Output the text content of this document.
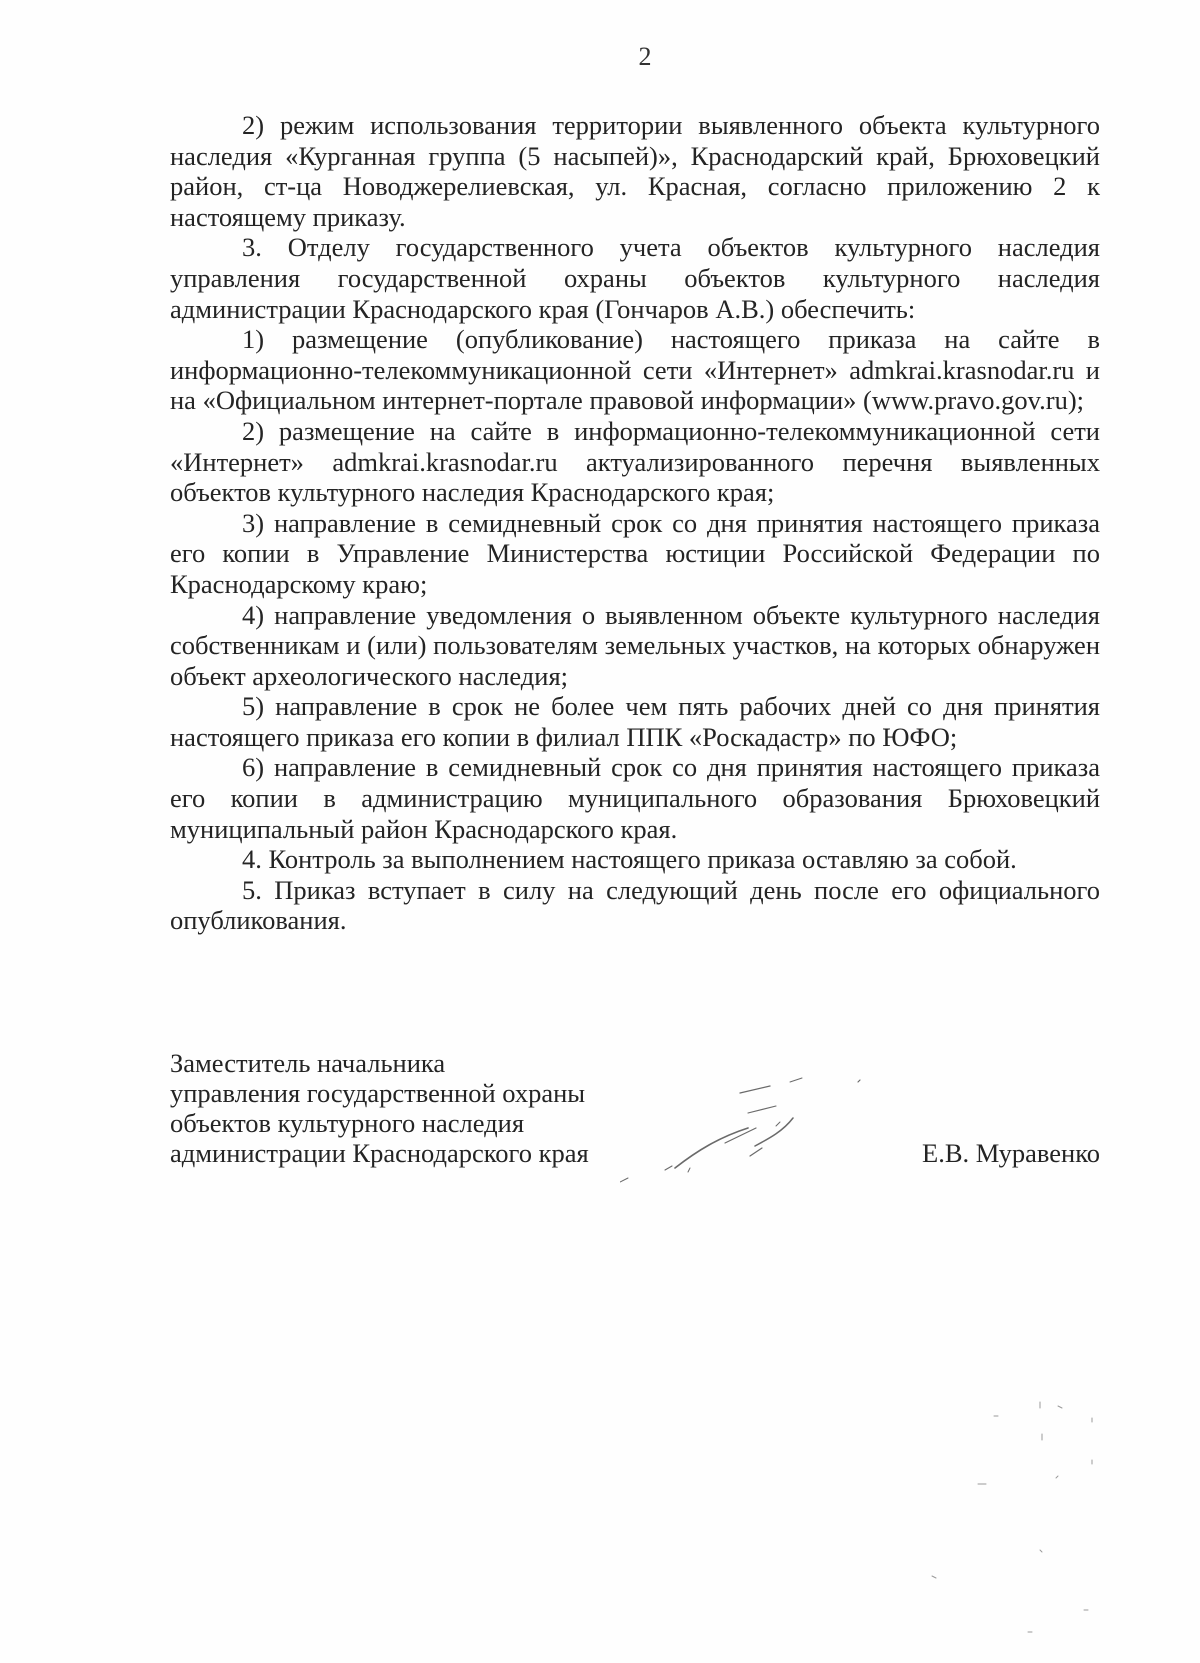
2

2) режим использования территории выявленного объекта культурного наследия «Курганная группа (5 насыпей)», Краснодарский край, Брюховецкий район, ст-ца Новоджерелиевская, ул. Красная, согласно приложению 2 к настоящему приказу.

3. Отделу государственного учета объектов культурного наследия управления государственной охраны объектов культурного наследия администрации Краснодарского края (Гончаров А.В.) обеспечить:

1) размещение (опубликование) настоящего приказа на сайте в информационно-телекоммуникационной сети «Интернет» admkrai.krasnodar.ru и на «Официальном интернет-портале правовой информации» (www.pravo.gov.ru);

2) размещение на сайте в информационно-телекоммуникационной сети «Интернет» admkrai.krasnodar.ru актуализированного перечня выявленных объектов культурного наследия Краснодарского края;

3) направление в семидневный срок со дня принятия настоящего приказа его копии в Управление Министерства юстиции Российской Федерации по Краснодарскому краю;

4) направление уведомления о выявленном объекте культурного наследия собственникам и (или) пользователям земельных участков, на которых обнаружен объект археологического наследия;

5) направление в срок не более чем пять рабочих дней со дня принятия настоящего приказа его копии в филиал ППК «Роскадастр» по ЮФО;

6) направление в семидневный срок со дня принятия настоящего приказа его копии в администрацию муниципального образования Брюховецкий муниципальный район Краснодарского края.

4. Контроль за выполнением настоящего приказа оставляю за собой.

5. Приказ вступает в силу на следующий день после его официального опубликования.

Заместитель начальника
управления государственной охраны
объектов культурного наследия
администрации Краснодарского края	Е.В. Муравенко
